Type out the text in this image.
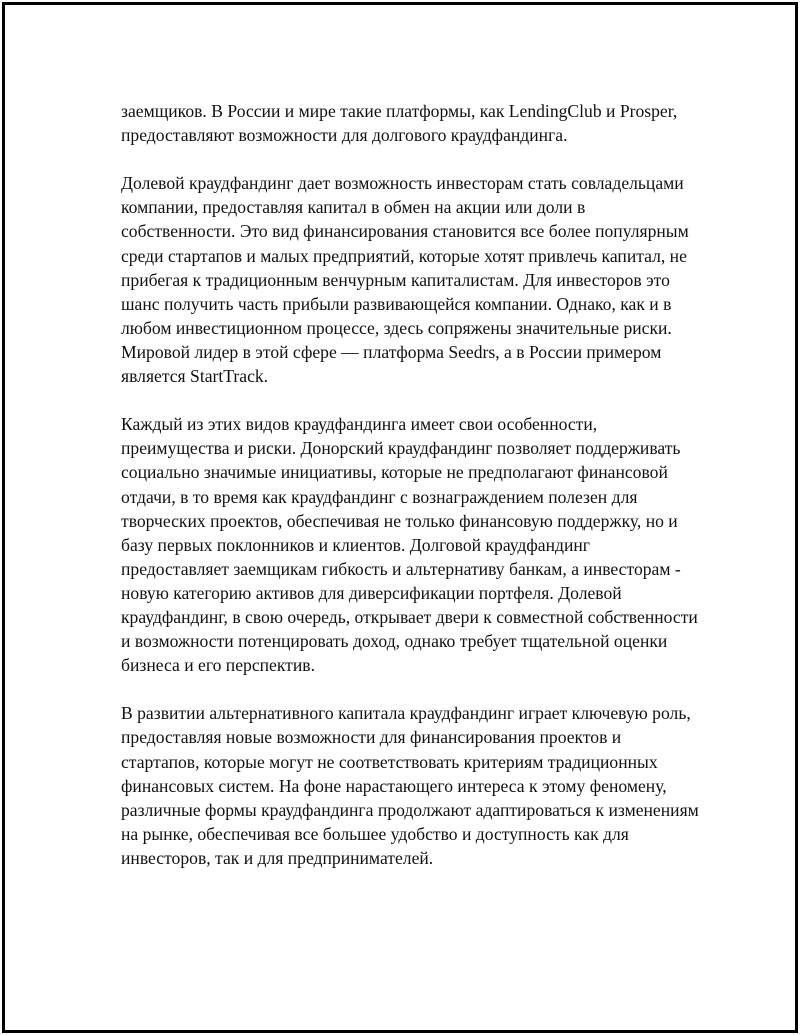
заемщиков. В России и мире такие платформы, как LendingClub и Prosper, предоставляют возможности для долгового краудфандинга.

Долевой краудфандинг дает возможность инвесторам стать совладельцами компании, предоставляя капитал в обмен на акции или доли в собственности. Это вид финансирования становится все более популярным среди стартапов и малых предприятий, которые хотят привлечь капитал, не прибегая к традиционным венчурным капиталистам. Для инвесторов это шанс получить часть прибыли развивающейся компании. Однако, как и в любом инвестиционном процессе, здесь сопряжены значительные риски. Мировой лидер в этой сфере — платформа Seedrs, а в России примером является StartTrack.

Каждый из этих видов краудфандинга имеет свои особенности, преимущества и риски. Донорский краудфандинг позволяет поддерживать социально значимые инициативы, которые не предполагают финансовой отдачи, в то время как краудфандинг с вознаграждением полезен для творческих проектов, обеспечивая не только финансовую поддержку, но и базу первых поклонников и клиентов. Долговой краудфандинг предоставляет заемщикам гибкость и альтернативу банкам, а инвесторам - новую категорию активов для диверсификации портфеля. Долевой краудфандинг, в свою очередь, открывает двери к совместной собственности и возможности потенцировать доход, однако требует тщательной оценки бизнеса и его перспектив.

В развитии альтернативного капитала краудфандинг играет ключевую роль, предоставляя новые возможности для финансирования проектов и стартапов, которые могут не соответствовать критериям традиционных финансовых систем. На фоне нарастающего интереса к этому феномену, различные формы краудфандинга продолжают адаптироваться к изменениям на рынке, обеспечивая все большее удобство и доступность как для инвесторов, так и для предпринимателей.
